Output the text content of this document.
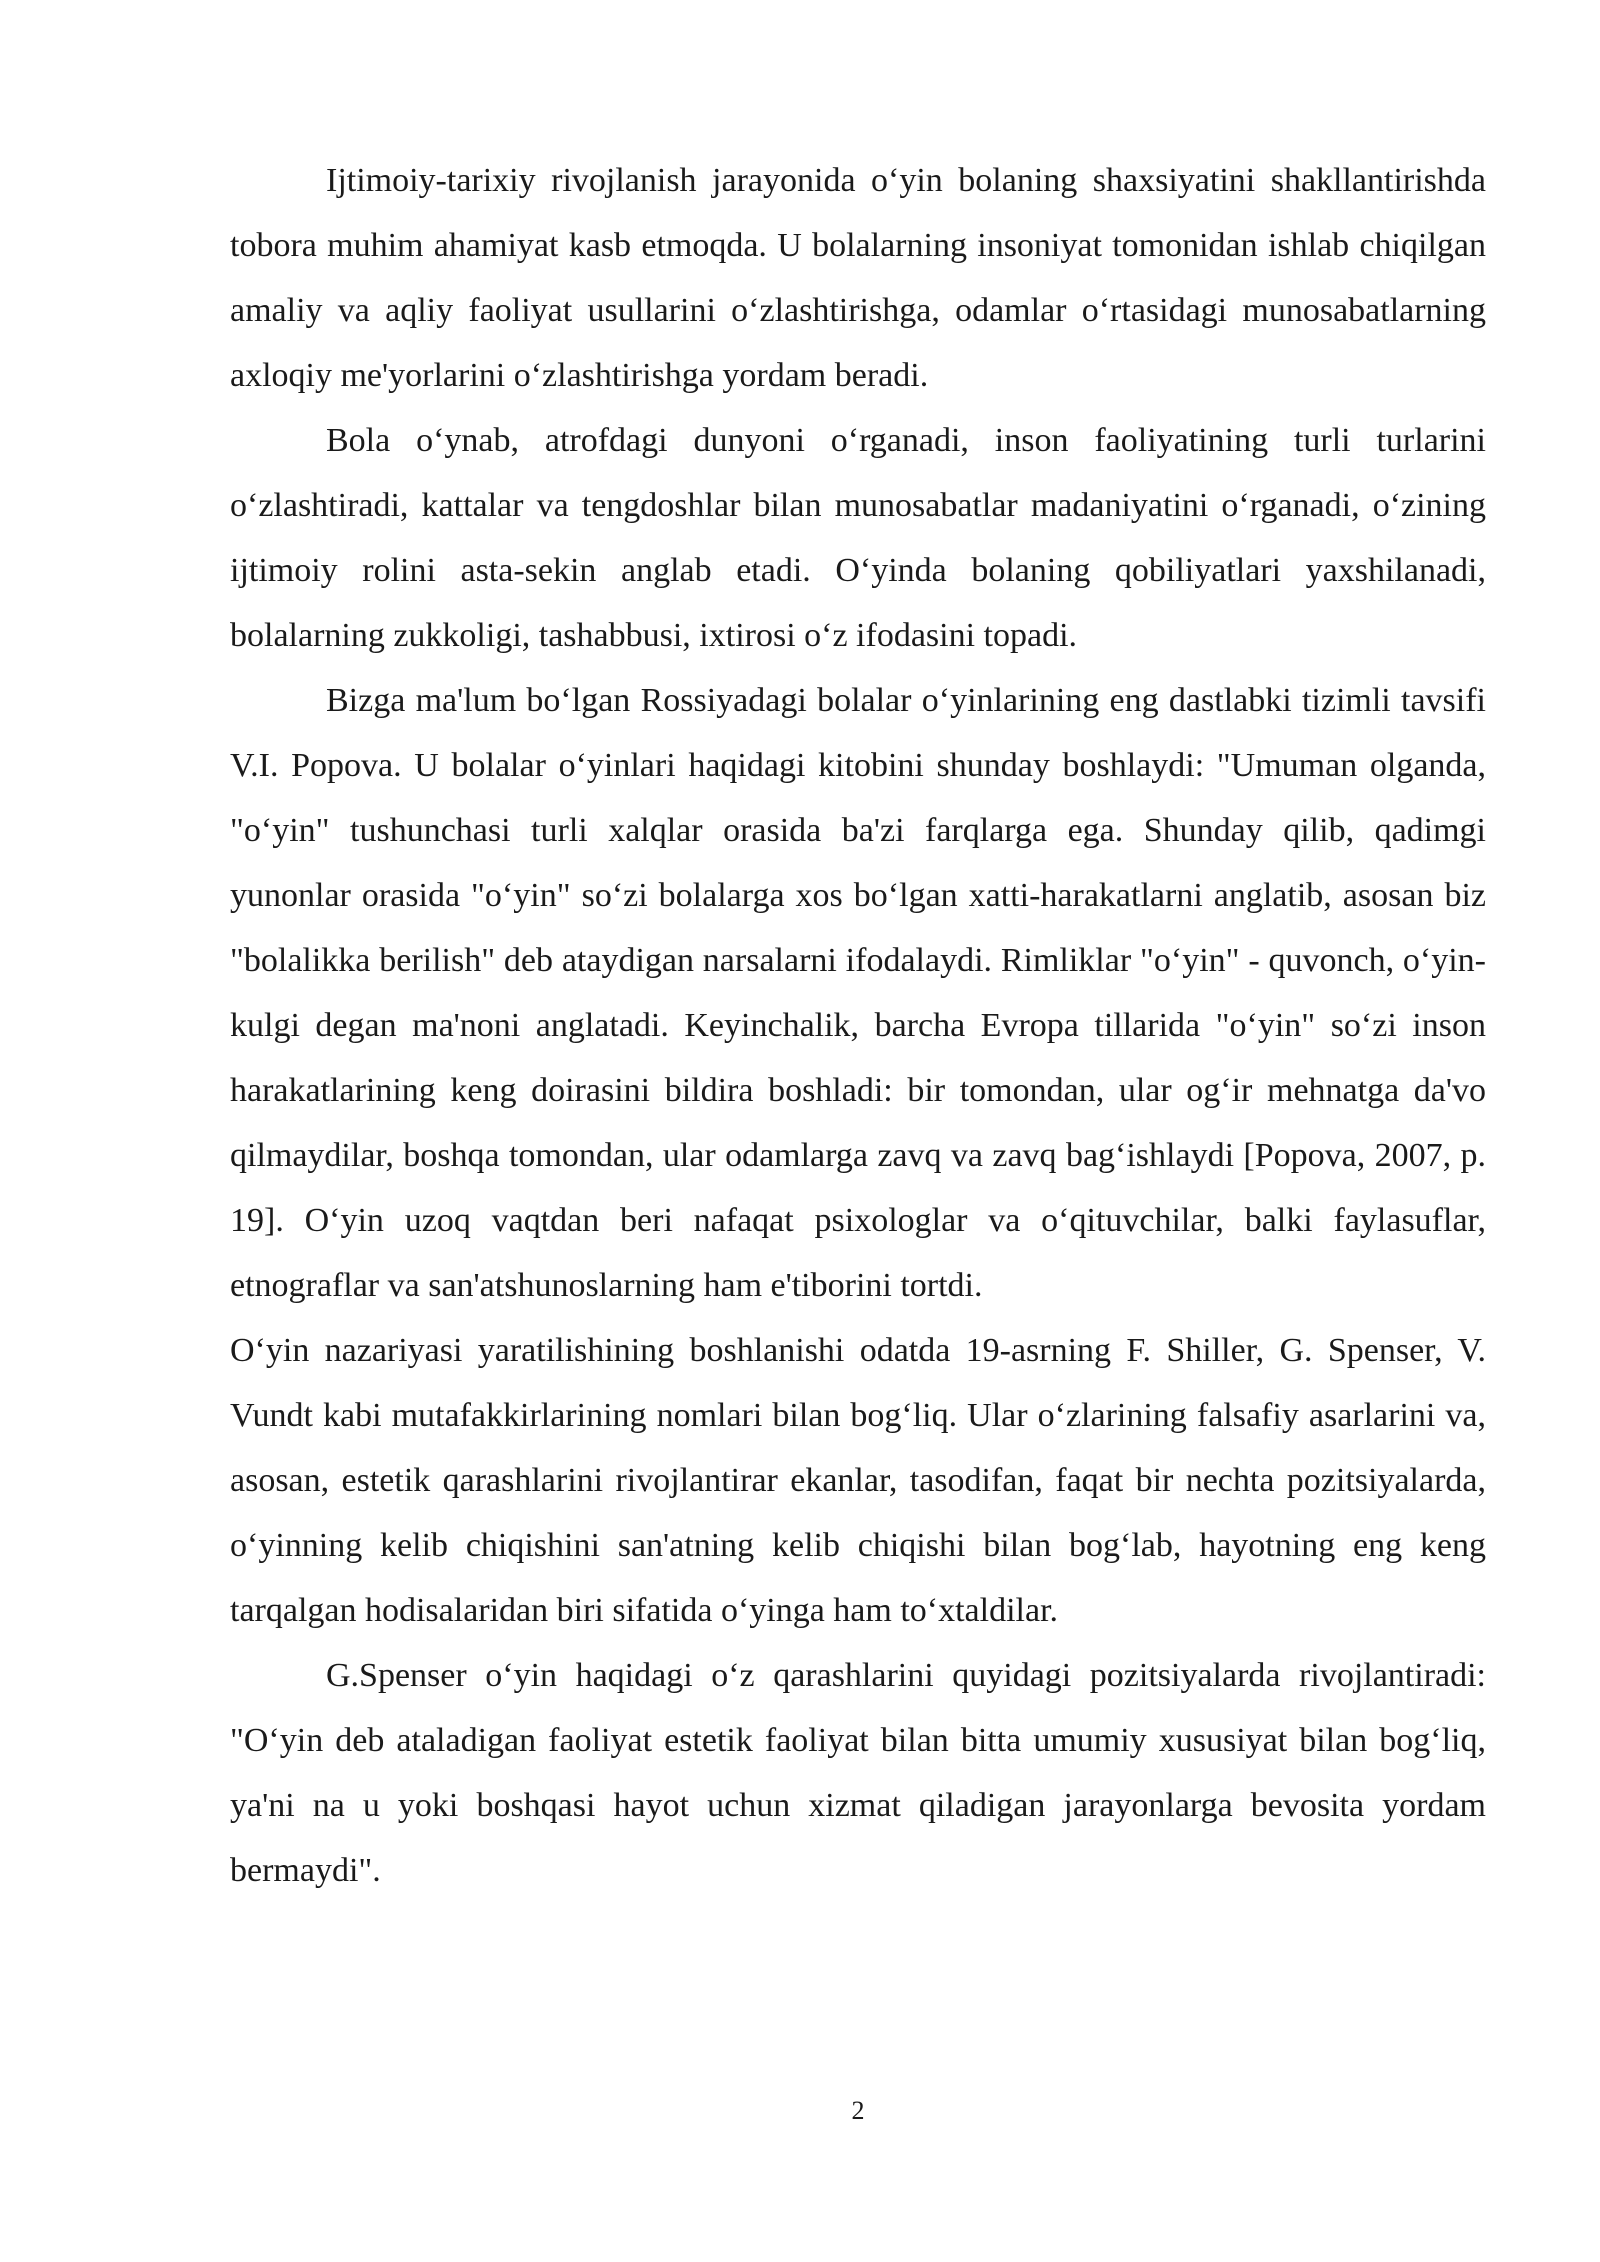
Ijtimoiy-tarixiy rivojlanish jarayonida o‘yin bolaning shaxsiyatini shakllantirishda tobora muhim ahamiyat kasb etmoqda. U bolalarning insoniyat tomonidan ishlab chiqilgan amaliy va aqliy faoliyat usullarini o‘zlashtirishga, odamlar o‘rtasidagi munosabatlarning axloqiy me'yorlarini o‘zlashtirishga yordam beradi.

Bola o‘ynab, atrofdagi dunyoni o‘rganadi, inson faoliyatining turli turlarini o‘zlashtiradi, kattalar va tengdoshlar bilan munosabatlar madaniyatini o‘rganadi, o‘zining ijtimoiy rolini asta-sekin anglab etadi. O‘yinda bolaning qobiliyatlari yaxshilanadi, bolalarning zukkoligi, tashabbusi, ixtirosi o‘z ifodasini topadi.

Bizga ma'lum bo‘lgan Rossiyadagi bolalar o‘yinlarining eng dastlabki tizimli tavsifi V.I. Popova. U bolalar o‘yinlari haqidagi kitobini shunday boshlaydi: "Umuman olganda, "o‘yin" tushunchasi turli xalqlar orasida ba'zi farqlarga ega. Shunday qilib, qadimgi yunonlar orasida "o‘yin" so‘zi bolalarga xos bo‘lgan xatti-harakatlarni anglatib, asosan biz "bolalikka berilish" deb ataydigan narsalarni ifodalaydi. Rimliklar "o‘yin" - quvonch, o‘yin-kulgi degan ma'noni anglatadi. Keyinchalik, barcha Evropa tillarida "o‘yin" so‘zi inson harakatlarining keng doirasini bildira boshladi: bir tomondan, ular og‘ir mehnatga da'vo qilmaydilar, boshqa tomondan, ular odamlarga zavq va zavq bag‘ishlaydi [Popova, 2007, p. 19]. O‘yin uzoq vaqtdan beri nafaqat psixologlar va o‘qituvchilar, balki faylasuflar, etnograflar va san'atshunoslarning ham e'tiborini tortdi.

O‘yin nazariyasi yaratilishining boshlanishi odatda 19-asrning F. Shiller, G. Spenser, V. Vundt kabi mutafakkirlarining nomlari bilan bog‘liq. Ular o‘zlarining falsafiy asarlarini va, asosan, estetik qarashlarini rivojlantirar ekanlar, tasodifan, faqat bir nechta pozitsiyalarda, o‘yinning kelib chiqishini san'atning kelib chiqishi bilan bog‘lab, hayotning eng keng tarqalgan hodisalaridan biri sifatida o‘yinga ham to‘xtaldilar.

G.Spenser o‘yin haqidagi o‘z qarashlarini quyidagi pozitsiyalarda rivojlantiradi: "O‘yin deb ataladigan faoliyat estetik faoliyat bilan bitta umumiy xususiyat bilan bog‘liq, ya'ni na u yoki boshqasi hayot uchun xizmat qiladigan jarayonlarga bevosita yordam bermaydi".

2
